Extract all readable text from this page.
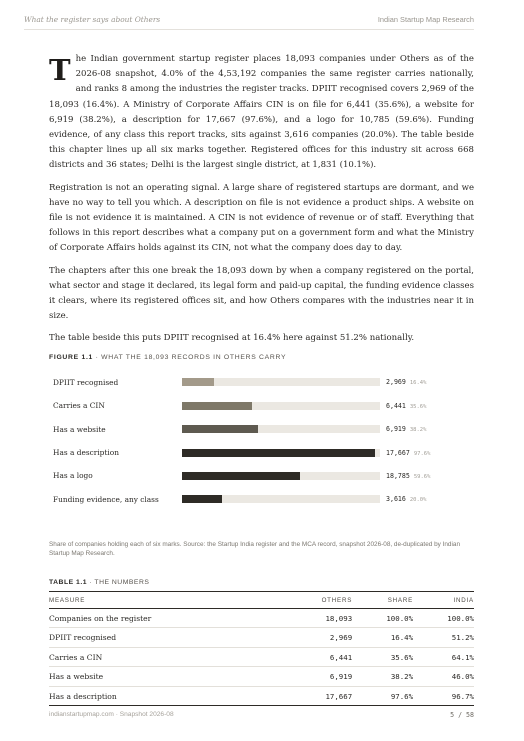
What the register says about Others	Indian Startup Map Research

The Indian government startup register places 18,093 companies under Others as of the 2026-08 snapshot, 4.0% of the 4,53,192 companies the same register carries nationally, and ranks 8 among the industries the register tracks. DPIIT recognised covers 2,969 of the 18,093 (16.4%). A Ministry of Corporate Affairs CIN is on file for 6,441 (35.6%), a website for 6,919 (38.2%), a description for 17,667 (97.6%), and a logo for 10,785 (59.6%). Funding evidence, of any class this report tracks, sits against 3,616 companies (20.0%). The table beside this chapter lines up all six marks together. Registered offices for this industry sit across 668 districts and 36 states; Delhi is the largest single district, at 1,831 (10.1%).

Registration is not an operating signal. A large share of registered startups are dormant, and we have no way to tell you which. A description on file is not evidence a product ships. A website on file is not evidence it is maintained. A CIN is not evidence of revenue or of staff. Everything that follows in this report describes what a company put on a government form and what the Ministry of Corporate Affairs holds against its CIN, not what the company does day to day.

The chapters after this one break the 18,093 down by when a company registered on the portal, what sector and stage it declared, its legal form and paid-up capital, the funding evidence classes it clears, where its registered offices sit, and how Others compares with the industries near it in size.

The table beside this puts DPIIT recognised at 16.4% here against 51.2% nationally.

FIGURE 1.1 · WHAT THE 18,093 RECORDS IN OTHERS CARRY
DPIIT recognised	2,969 16.4%
Carries a CIN	6,441 35.6%
Has a website	6,919 38.2%
Has a description	17,667 97.6%
Has a logo	18,785 59.6%
Funding evidence, any class	3,616 20.0%
Share of companies holding each of six marks. Source: the Startup India register and the MCA record, snapshot 2026-08, de-duplicated by Indian Startup Map Research.
TABLE 1.1 · THE NUMBERS
MEASURE	OTHERS	SHARE	INDIA
Companies on the register	18,093	100.0%	100.0%
DPIIT recognised	2,969	16.4%	51.2%
Carries a CIN	6,441	35.6%	64.1%
Has a website	6,919	38.2%	46.0%
Has a description	17,667	97.6%	96.7%
indianstartupmap.com · Snapshot 2026-08	5 / 58
